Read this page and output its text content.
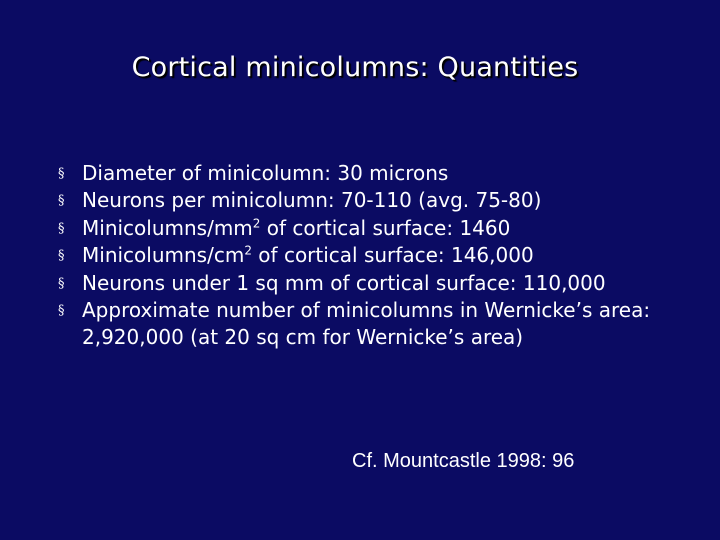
Cortical minicolumns: Quantities
§ Diameter of minicolumn: 30 microns
§ Neurons per minicolumn: 70-110 (avg. 75-80)
§ Minicolumns/$mm^2$ of cortical surface: 1460
§ Minicolumns/$cm^2$ of cortical surface: 146,000
§ Neurons under 1 sq mm of cortical surface: 110,000
§ Approximate number of minicolumns in Wernicke’s area: 2,920,000 (at 20 sq cm for Wernicke’s area)
Cf. Mountcastle 1998: 96
